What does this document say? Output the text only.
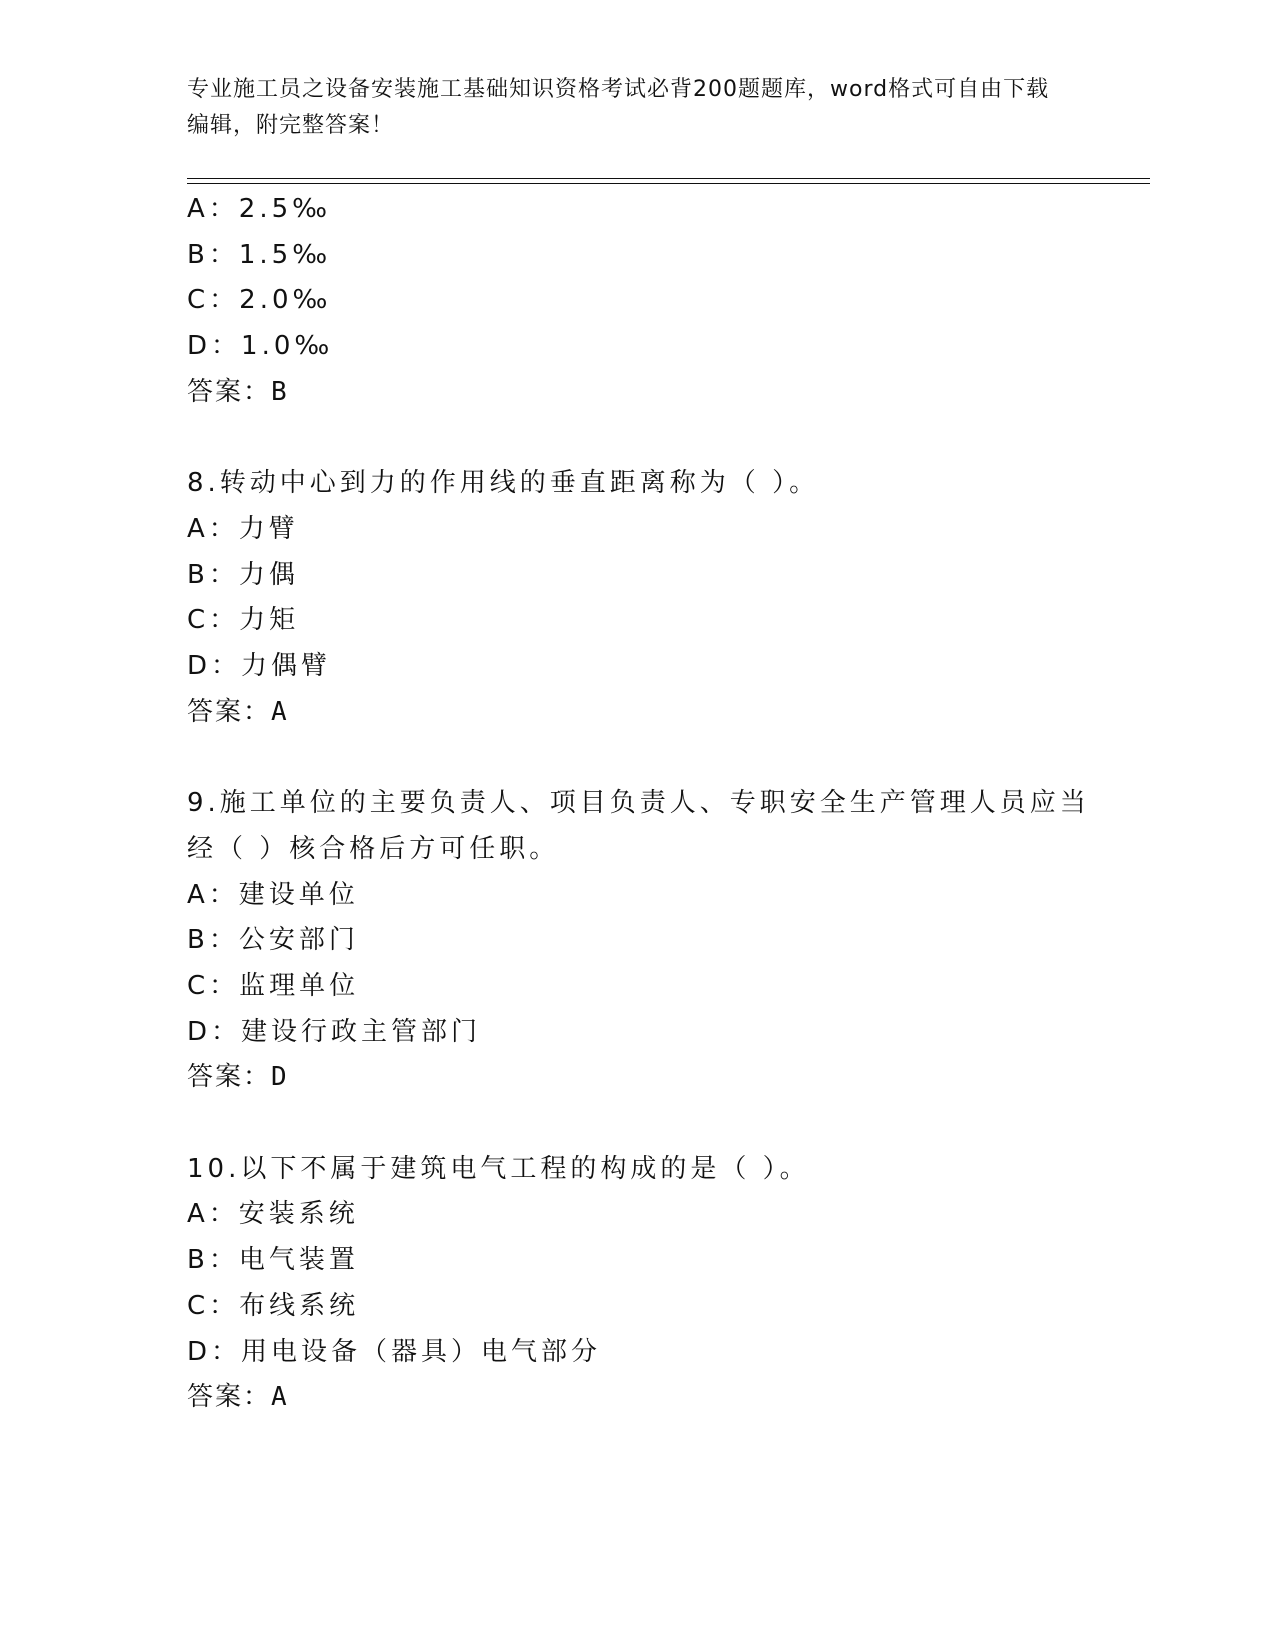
专业施工员之设备安装施工基础知识资格考试必背200题题库，word格式可自由下载编辑，附完整答案！
A：2.5‰
B：1.5‰
C：2.0‰
D：1.0‰
答案：B
8.转动中心到力的作用线的垂直距离称为（ ）。
A：力臂
B：力偶
C：力矩
D：力偶臂
答案：A
9.施工单位的主要负责人、项目负责人、专职安全生产管理人员应当
经（ ）核合格后方可任职。
A：建设单位
B：公安部门
C：监理单位
D：建设行政主管部门
答案：D
10.以下不属于建筑电气工程的构成的是（ ）。
A：安装系统
B：电气装置
C：布线系统
D：用电设备（器具）电气部分
答案：A
